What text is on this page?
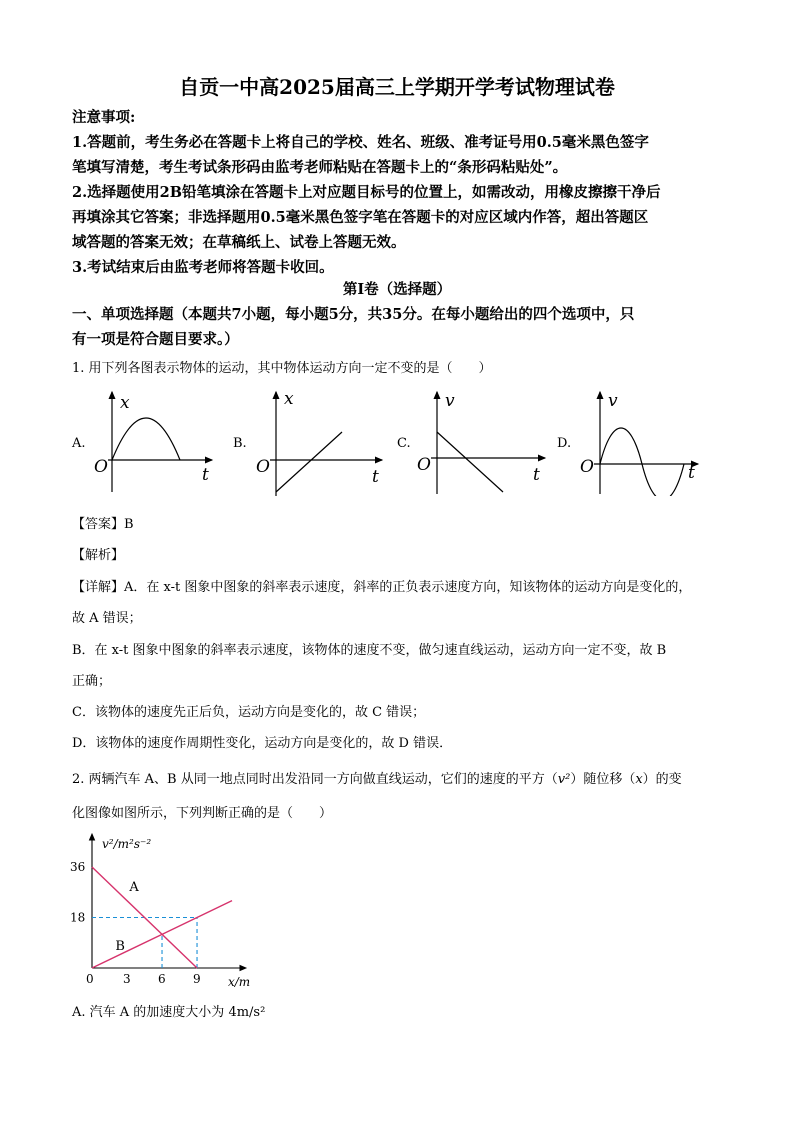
自贡一中高2025届高三上学期开学考试物理试卷
注意事项:
1.答题前，考生务必在答题卡上将自己的学校、姓名、班级、准考证号用0.5毫米黑色签字
笔填写清楚，考生考试条形码由监考老师粘贴在答题卡上的“条形码粘贴处”。
2.选择题使用2B铅笔填涂在答题卡上对应题目标号的位置上，如需改动，用橡皮擦擦干净后
再填涂其它答案；非选择题用0.5毫米黑色签字笔在答题卡的对应区域内作答，超出答题区
域答题的答案无效；在草稿纸上、试卷上答题无效。
3.考试结束后由监考老师将答题卡收回。
第Ⅰ卷（选择题）
一、单项选择题（本题共7小题，每小题5分，共35分。在每小题给出的四个选项中，只
有一项是符合题目要求。）
1. 用下列各图表示物体的运动，其中物体运动方向一定不变的是（　　）
A.
x
O	t
B.
x
O	t
C.
v
O	t
D.
v
O	t
【答案】B
【解析】
【详解】A．在 x-t 图象中图象的斜率表示速度，斜率的正负表示速度方向，知该物体的运动方向是变化的，
故 A 错误；
B．在 x-t 图象中图象的斜率表示速度，该物体的速度不变，做匀速直线运动，运动方向一定不变，故 B
正确；
C．该物体的速度先正后负，运动方向是变化的，故 C 错误；
D．该物体的速度作周期性变化，运动方向是变化的，故 D 错误．
2. 两辆汽车 A、B 从同一地点同时出发沿同一方向做直线运动，它们的速度的平方（v²）随位移（x）的变
化图像如图所示，下列判断正确的是（　　）
v²/m²s⁻²
x/m
A
B
36
18
0 3 6 9
A. 汽车 A 的加速度大小为 4m/s²
